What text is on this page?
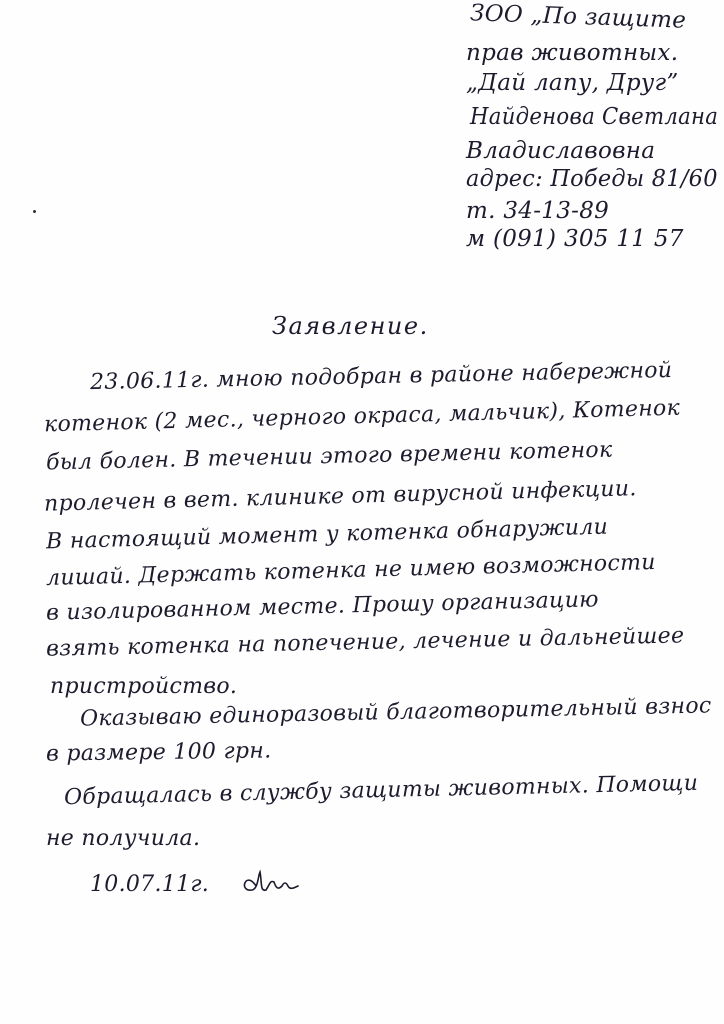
ЗОО „По защите
прав животных.
„Дай лапу, Друг”
Найденова Светлана
Владиславовна
адрес: Победы 81/60
т. 34-13-89
м (091) 305 11 57
Заявление.
23.06.11г. мною подобран в районе набережной
котенок (2 мес., черного окраса, мальчик), Котенок
был болен. В течении этого времени котенок
пролечен в вет. клинике от вирусной инфекции.
В настоящий момент у котенка обнаружили
лишай. Держать котенка не имею возможности
в изолированном месте. Прошу организацию
взять котенка на попечение, лечение и дальнейшее
пристройство.
Оказываю единоразовый благотворительный взнос
в размере 100 грн.
Обращалась в службу защиты животных. Помощи
не получила.
10.07.11г.
